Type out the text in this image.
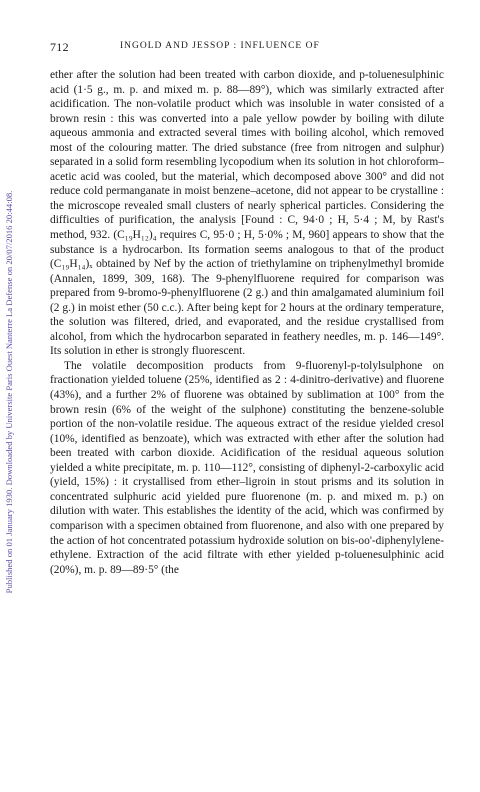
Published on 01 January 1930. Downloaded by Universite Paris Ouest Nanterre La Defense on 20/07/2016 20:44:08.
712	INGOLD AND JESSOP : INFLUENCE OF

ether after the solution had been treated with carbon dioxide, and p-toluenesulphinic acid (1·5 g., m. p. and mixed m. p. 88—89°), which was similarly extracted after acidification. The non-volatile product which was insoluble in water consisted of a brown resin : this was converted into a pale yellow powder by boiling with dilute aqueous ammonia and extracted several times with boiling alcohol, which removed most of the colouring matter. The dried substance (free from nitrogen and sulphur) separated in a solid form resembling lycopodium when its solution in hot chloroform–acetic acid was cooled, but the material, which decomposed above 300° and did not reduce cold permanganate in moist benzene–acetone, did not appear to be crystalline : the microscope revealed small clusters of nearly spherical particles. Considering the difficulties of purification, the analysis [Found : C, 94·0 ; H, 5·4 ; M, by Rast's method, 932. (C₁₉H₁₂)₄ requires C, 95·0 ; H, 5·0% ; M, 960] appears to show that the substance is a hydrocarbon. Its formation seems analogous to that of the product (C₁₉H₁₄)ₓ obtained by Nef by the action of triethylamine on triphenylmethyl bromide (Annalen, 1899, 309, 168). The 9-phenylfluorene required for comparison was prepared from 9-bromo-9-phenylfluorene (2 g.) and thin amalgamated aluminium foil (2 g.) in moist ether (50 c.c.). After being kept for 2 hours at the ordinary temperature, the solution was filtered, dried, and evaporated, and the residue crystallised from alcohol, from which the hydrocarbon separated in feathery needles, m. p. 146—149°. Its solution in ether is strongly fluorescent.

The volatile decomposition products from 9-fluorenyl-p-tolylsulphone on fractionation yielded toluene (25%, identified as 2 : 4-dinitro-derivative) and fluorene (43%), and a further 2% of fluorene was obtained by sublimation at 100° from the brown resin (6% of the weight of the sulphone) constituting the benzene-soluble portion of the non-volatile residue. The aqueous extract of the residue yielded cresol (10%, identified as benzoate), which was extracted with ether after the solution had been treated with carbon dioxide. Acidification of the residual aqueous solution yielded a white precipitate, m. p. 110—112°, consisting of diphenyl-2-carboxylic acid (yield, 15%) : it crystallised from ether–ligroin in stout prisms and its solution in concentrated sulphuric acid yielded pure fluorenone (m. p. and mixed m. p.) on dilution with water. This establishes the identity of the acid, which was confirmed by comparison with a specimen obtained from fluorenone, and also with one prepared by the action of hot concentrated potassium hydroxide solution on bis-oo'-diphenylylene-ethylene. Extraction of the acid filtrate with ether yielded p-toluenesulphinic acid (20%), m. p. 89—89·5° (the
